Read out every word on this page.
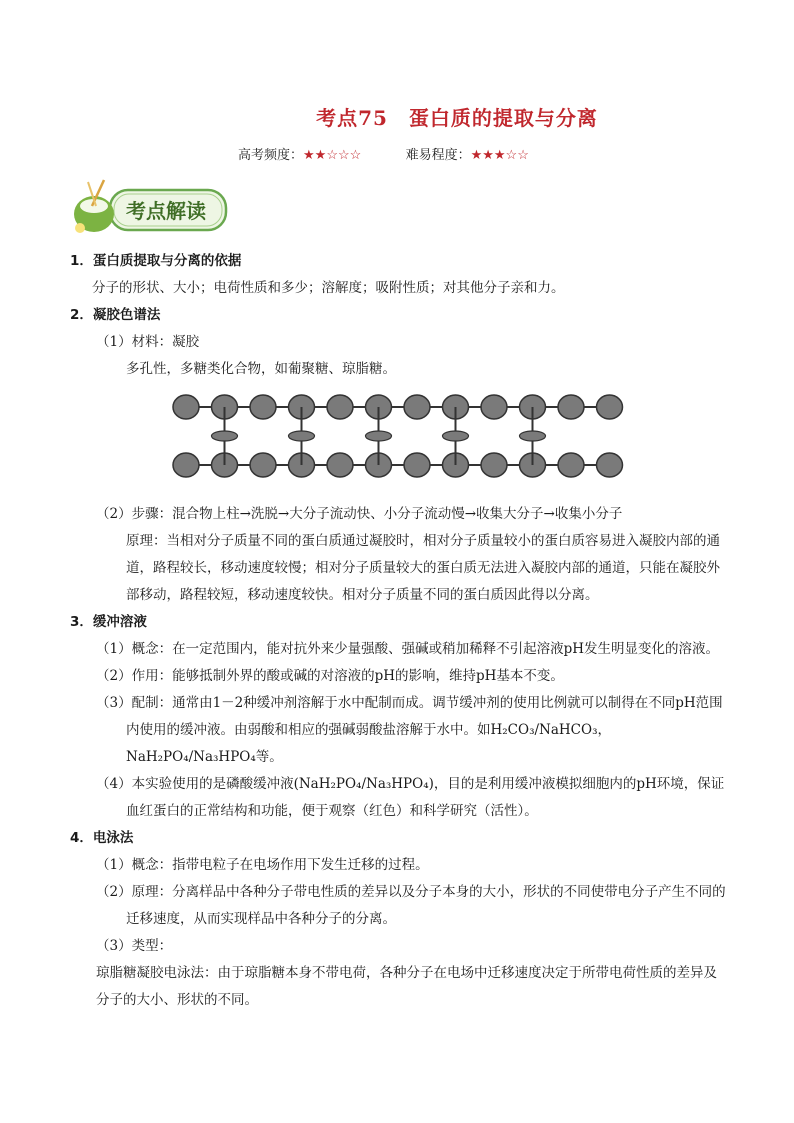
考点75　蛋白质的提取与分离
高考频度：★★☆☆☆	难易程度：★★★☆☆
考点解读
1．蛋白质提取与分离的依据
分子的形状、大小；电荷性质和多少；溶解度；吸附性质；对其他分子亲和力。
2．凝胶色谱法
（1）材料：凝胶
多孔性，多糖类化合物，如葡聚糖、琼脂糖。
（2）步骤：混合物上柱→洗脱→大分子流动快、小分子流动慢→收集大分子→收集小分子
原理：当相对分子质量不同的蛋白质通过凝胶时，相对分子质量较小的蛋白质容易进入凝胶内部的通道，路程较长，移动速度较慢；相对分子质量较大的蛋白质无法进入凝胶内部的通道，只能在凝胶外部移动，路程较短，移动速度较快。相对分子质量不同的蛋白质因此得以分离。
3．缓冲溶液
（1）概念：在一定范围内，能对抗外来少量强酸、强碱或稍加稀释不引起溶液pH发生明显变化的溶液。
（2）作用：能够抵制外界的酸或碱的对溶液的pH的影响，维持pH基本不变。
（3）配制：通常由1－2种缓冲剂溶解于水中配制而成。调节缓冲剂的使用比例就可以制得在不同pH范围内使用的缓冲液。由弱酸和相应的强碱弱酸盐溶解于水中。如H₂CO₃/NaHCO₃，NaH₂PO₄/Na₃HPO₄等。
（4）本实验使用的是磷酸缓冲液(NaH₂PO₄/Na₃HPO₄)，目的是利用缓冲液模拟细胞内的pH环境，保证血红蛋白的正常结构和功能，便于观察（红色）和科学研究（活性）。
4．电泳法
（1）概念：指带电粒子在电场作用下发生迁移的过程。
（2）原理：分离样品中各种分子带电性质的差异以及分子本身的大小，形状的不同使带电分子产生不同的迁移速度，从而实现样品中各种分子的分离。
（3）类型：
琼脂糖凝胶电泳法：由于琼脂糖本身不带电荷，各种分子在电场中迁移速度决定于所带电荷性质的差异及分子的大小、形状的不同。
